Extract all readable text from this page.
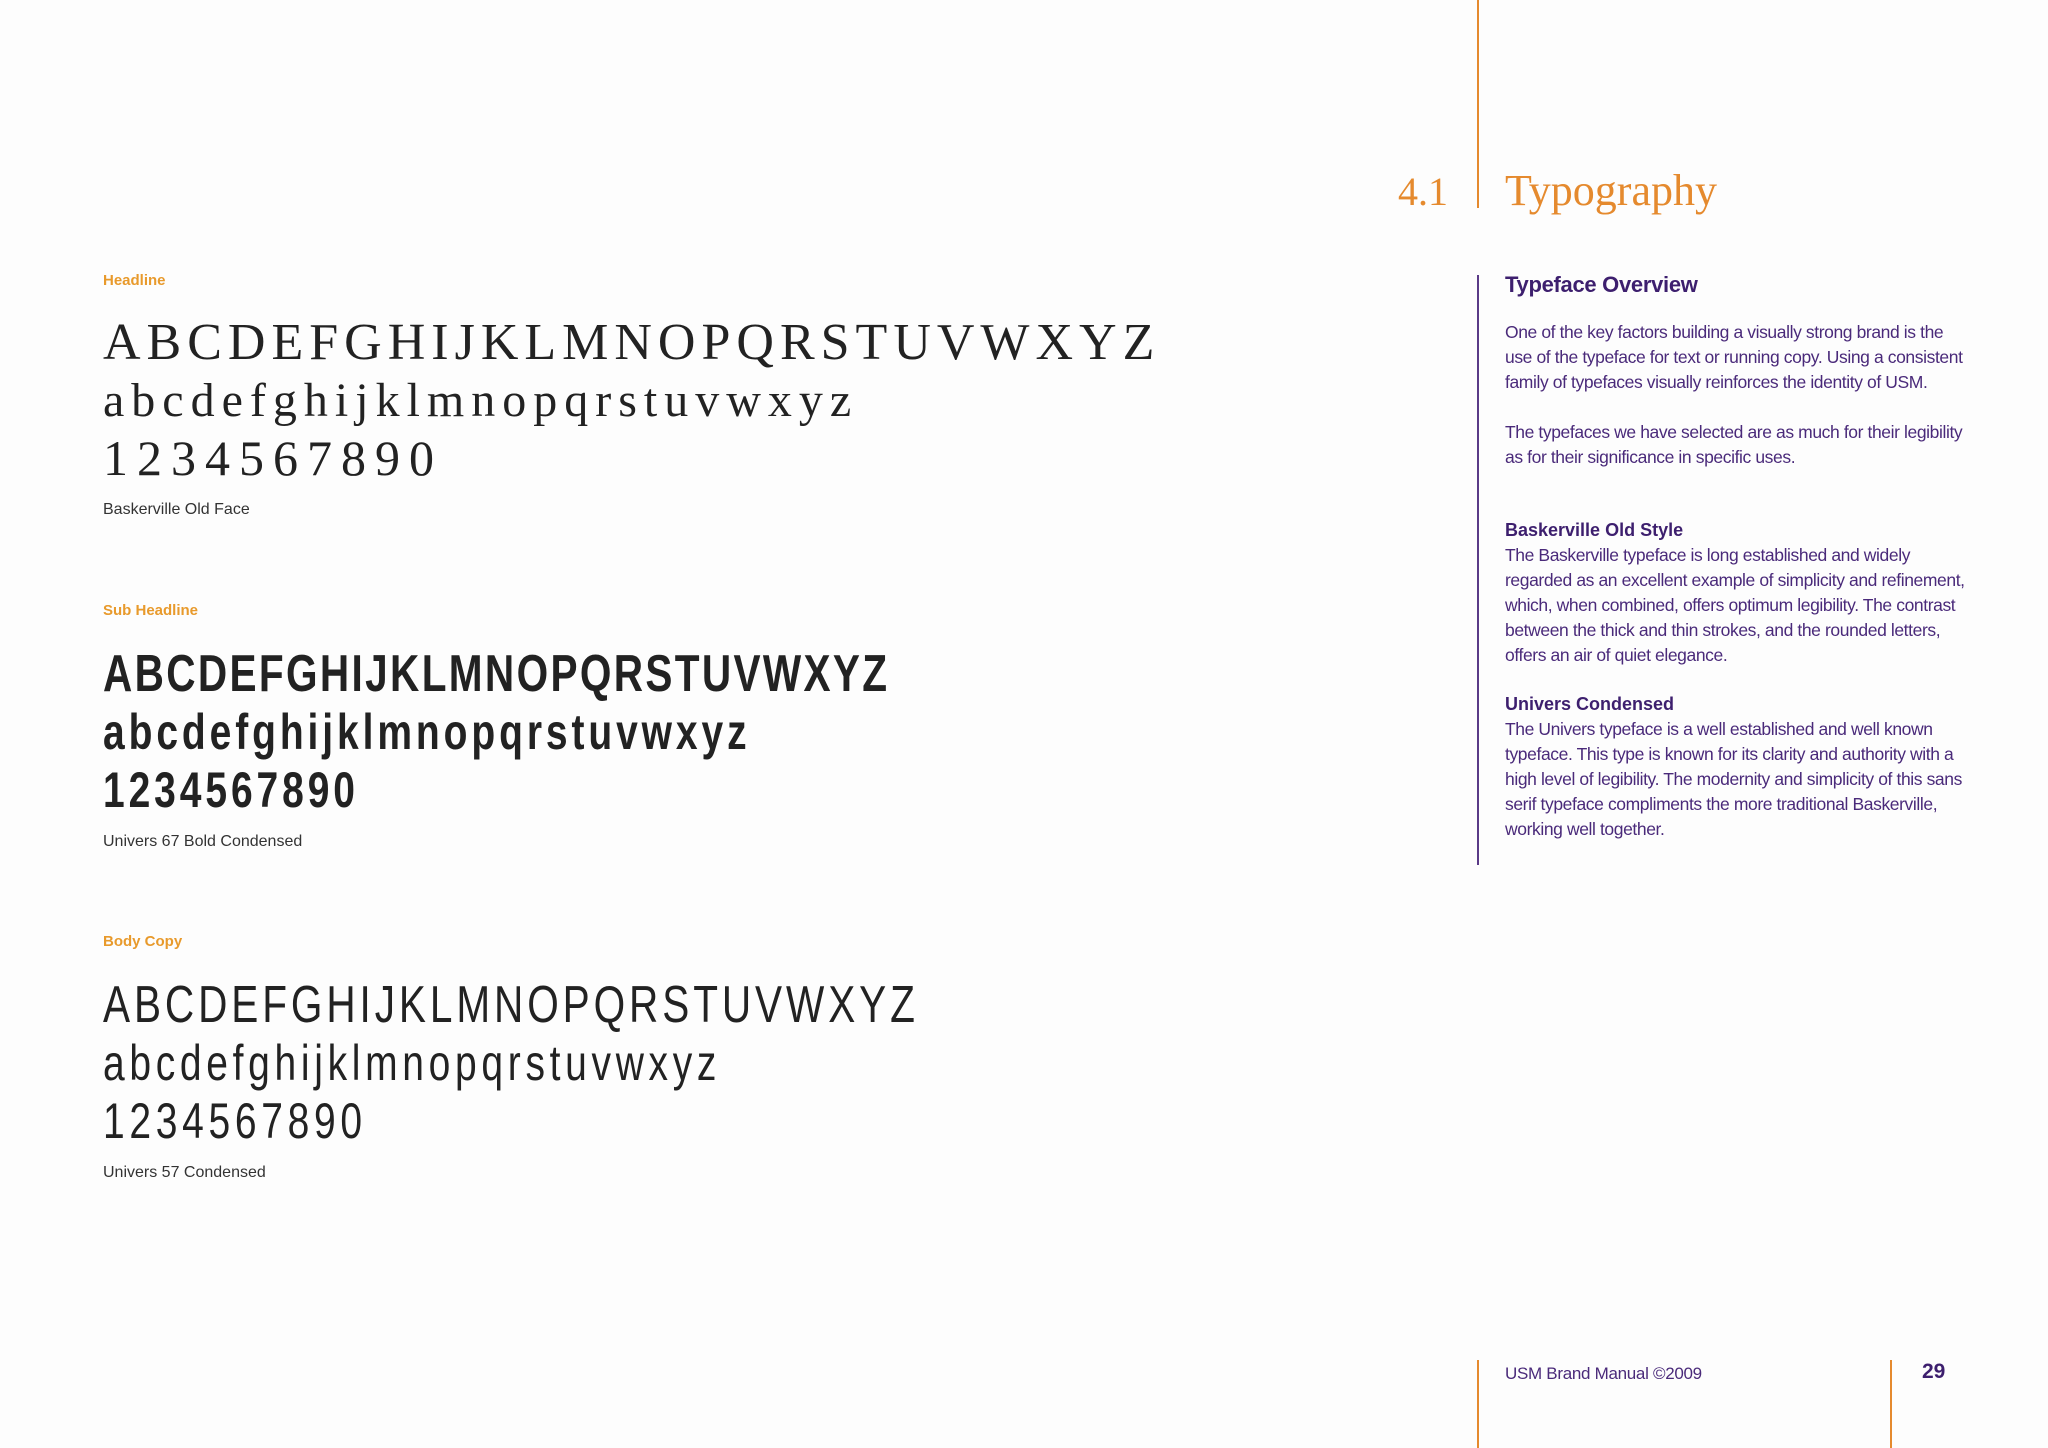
4.1 Typography
Headline
ABCDEFGHIJKLMNOPQRSTUVWXYZ
abcdefghijklmnopqrstuvwxyz
1234567890
Baskerville Old Face
Sub Headline
ABCDEFGHIJKLMNOPQRSTUVWXYZ
abcdefghijklmnopqrstuvwxyz
1234567890
Univers 67 Bold Condensed
Body Copy
ABCDEFGHIJKLMNOPQRSTUVWXYZ
abcdefghijklmnopqrstuvwxyz
1234567890
Univers 57 Condensed
Typeface Overview

One of the key factors building a visually strong brand is the use of the typeface for text or running copy. Using a consistent family of typefaces visually reinforces the identity of USM.

The typefaces we have selected are as much for their legibility as for their significance in specific uses.

Baskerville Old Style

The Baskerville typeface is long established and widely regarded as an excellent example of simplicity and refinement, which, when combined, offers optimum legibility. The contrast between the thick and thin strokes, and the rounded letters, offers an air of quiet elegance.

Univers Condensed

The Univers typeface is a well established and well known typeface. This type is known for its clarity and authority with a high level of legibility. The modernity and simplicity of this sans serif typeface compliments the more traditional Baskerville, working well together.

USM Brand Manual ©2009	29
